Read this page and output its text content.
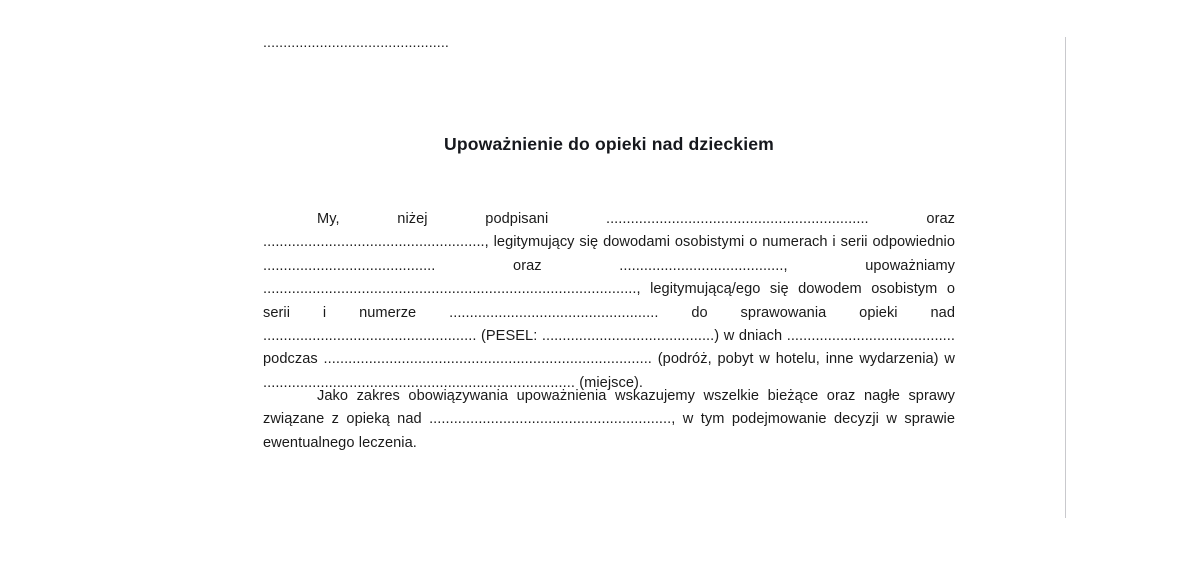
..............................................
Upoważnienie do opieki nad dzieckiem
My, niżej podpisani ................................................................ oraz ......................................................, legitymujący się dowodami osobistymi o numerach i serii odpowiednio .......................................... oraz ........................................, upoważniamy ..........................................................................................., legitymującą/ego się dowodem osobistym o serii i numerze ................................................... do sprawowania opieki nad .................................................... (PESEL: ..........................................) w dniach ......................................... podczas ................................................................................ (podróż, pobyt w hotelu, inne wydarzenia) w ............................................................................ (miejsce).
Jako zakres obowiązywania upoważnienia wskazujemy wszelkie bieżące oraz nagłe sprawy związane z opieką nad ..........................................................., w tym podejmowanie decyzji w sprawie ewentualnego leczenia.
